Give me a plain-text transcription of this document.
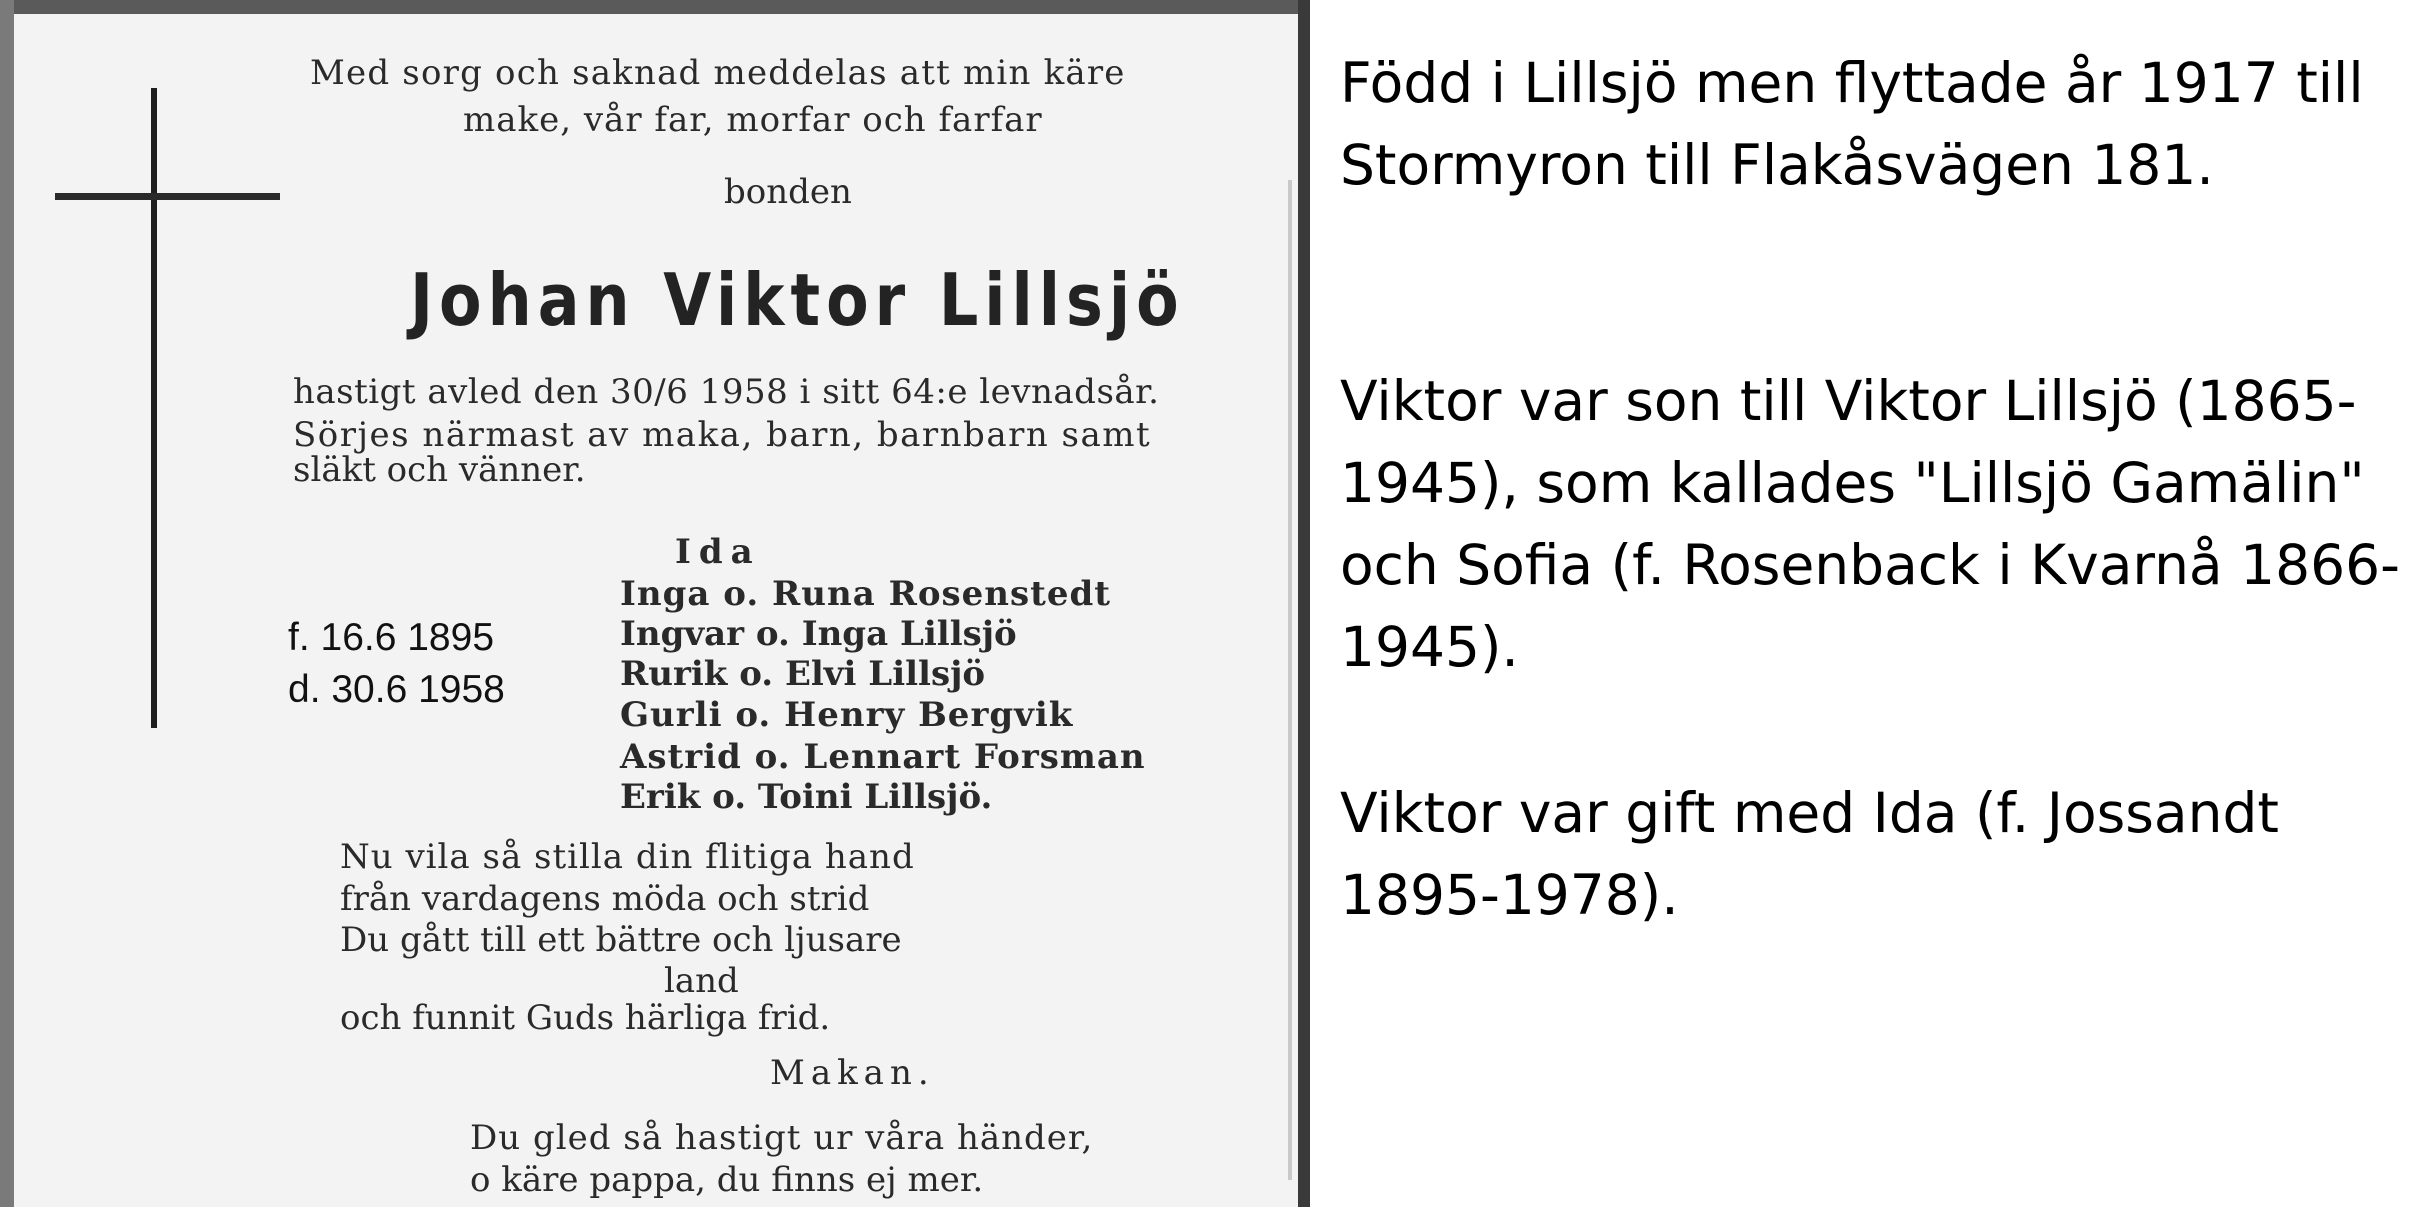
Med sorg och saknad meddelas att min käre
make, vår far, morfar och farfar
bonden
Johan Viktor Lillsjö
hastigt avled den 30/6 1958 i sitt 64:e levnadsår.
Sörjes närmast av maka, barn, barnbarn samt
släkt och vänner.
Ida
Inga o. Runa Rosenstedt
Ingvar o. Inga Lillsjö
Rurik o. Elvi Lillsjö
Gurli o. Henry Bergvik
Astrid o. Lennart Forsman
Erik o. Toini Lillsjö.
f. 16.6 1895
d. 30.6 1958
Nu vila så stilla din flitiga hand
från vardagens möda och strid
Du gått till ett bättre och ljusare
land
och funnit Guds härliga frid.
Makan.
Du gled så hastigt ur våra händer,
o käre pappa, du finns ej mer.
Född i Lillsjö men flyttade år 1917 till Stormyron till Flakåsvägen 181.
Viktor var son till Viktor Lillsjö (1865-1945), som kallades "Lillsjö Gamälin" och Sofia (f. Rosenback i Kvarnå 1866-1945).
Viktor var gift med Ida (f. Jossandt 1895-1978).
